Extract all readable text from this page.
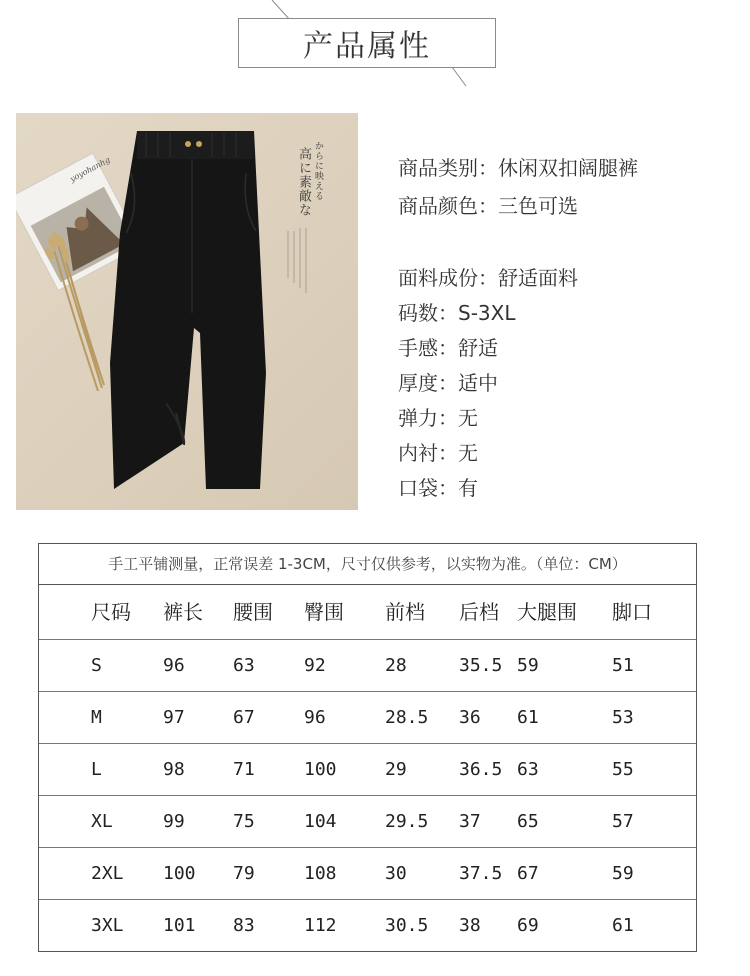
产品属性
からに映える
高に素敵な
yoyohanhg	商品类别：休闲双扣阔腿裤
商品颜色：三色可选
面料成份：舒适面料
码数：S-3XL
手感：舒适
厚度：适中
弹力：无
内衬：无
口袋：有
手工平铺测量，正常误差 1-3CM，尺寸仅供参考，以实物为准。（单位：CM）
尺码 裤长 腰围 臀围 前档 后档 大腿围 脚口
S	96	63	92	28	35.5 59	51
M	97	67	96	28.5 36 61	53
L	98	71	100	29	36.5 63	55
XL	99	75	104	29.5 37 65	57
2XL 100 79	108	30	37.5 67	59
3XL 101 83	112	30.5 38 69	61
